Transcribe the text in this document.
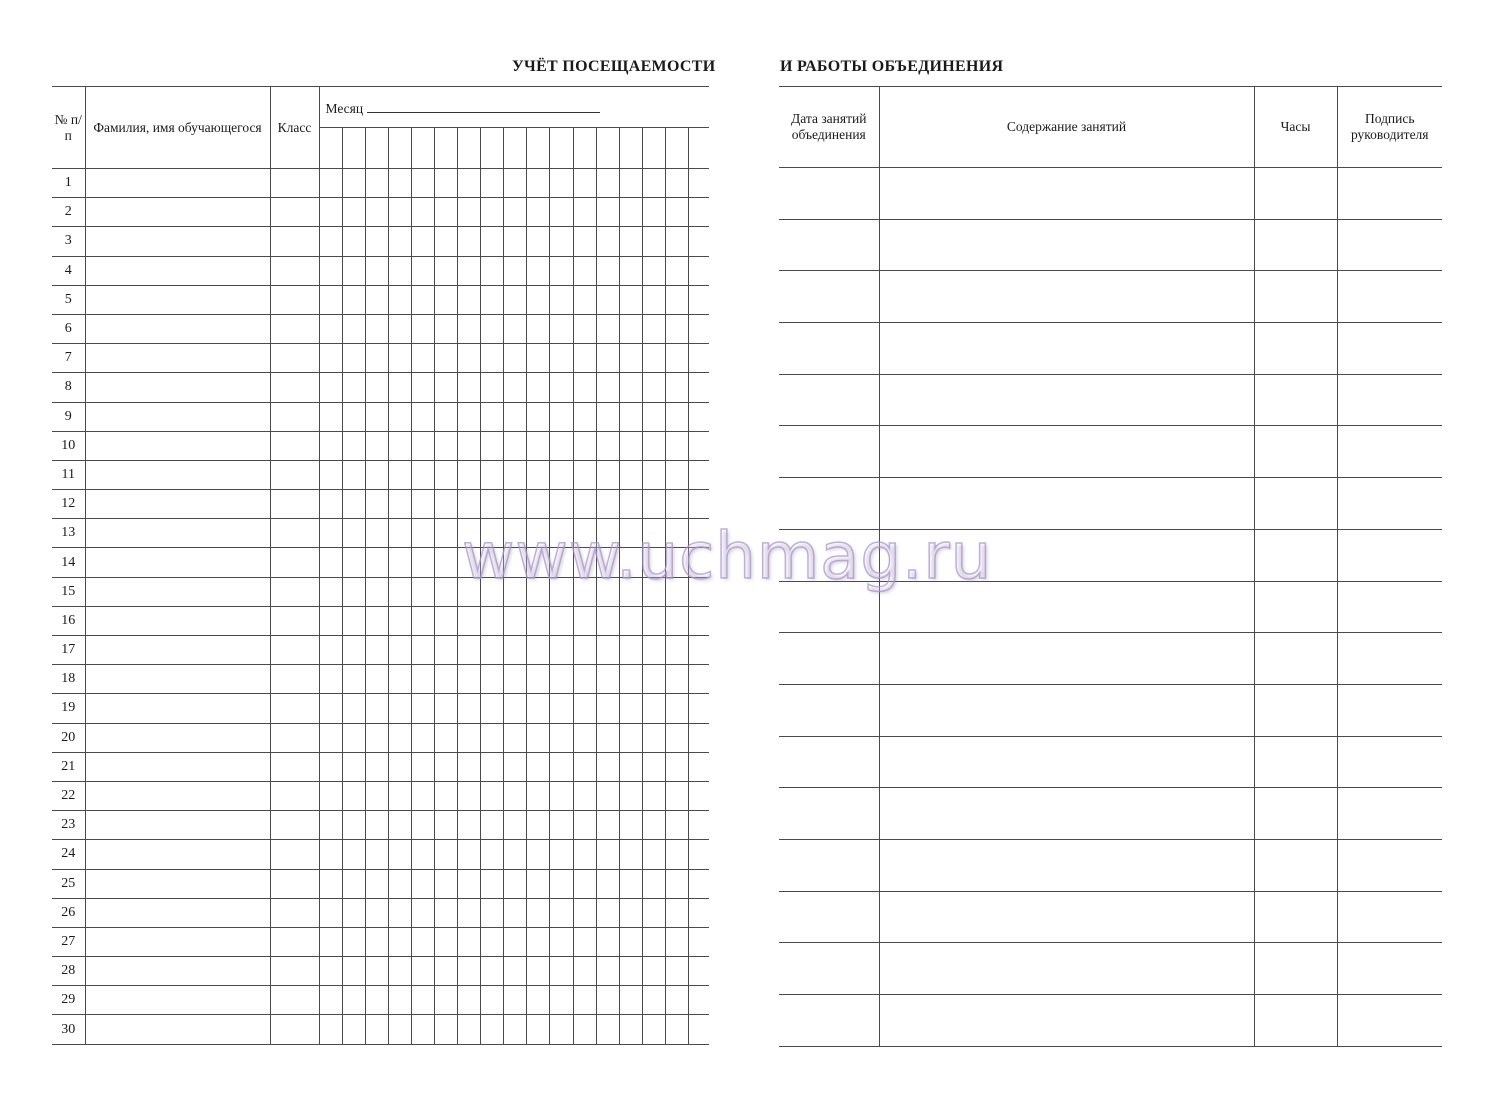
УЧЁТ ПОСЕЩАЕМОСТИ	И РАБОТЫ ОБЪЕДИНЕНИЯ
№ п/п	Фамилия, имя обучающегося	Класс	Месяц																

1																			
2																			
3																			
4																			
5																			
6																			
7																			
8																			
9																			
10																			
11																			
12																			
13																			
14																			
15																			
16																			
17																			
18																			
19																			
20																			
21																			
22																			
23																			
24																			
25																			
26																			
27																			
28																			
29																			
30																			
Дата занятий объединения	Содержание занятий	Часы	Подпись руководителя

www.uchmag.ru
